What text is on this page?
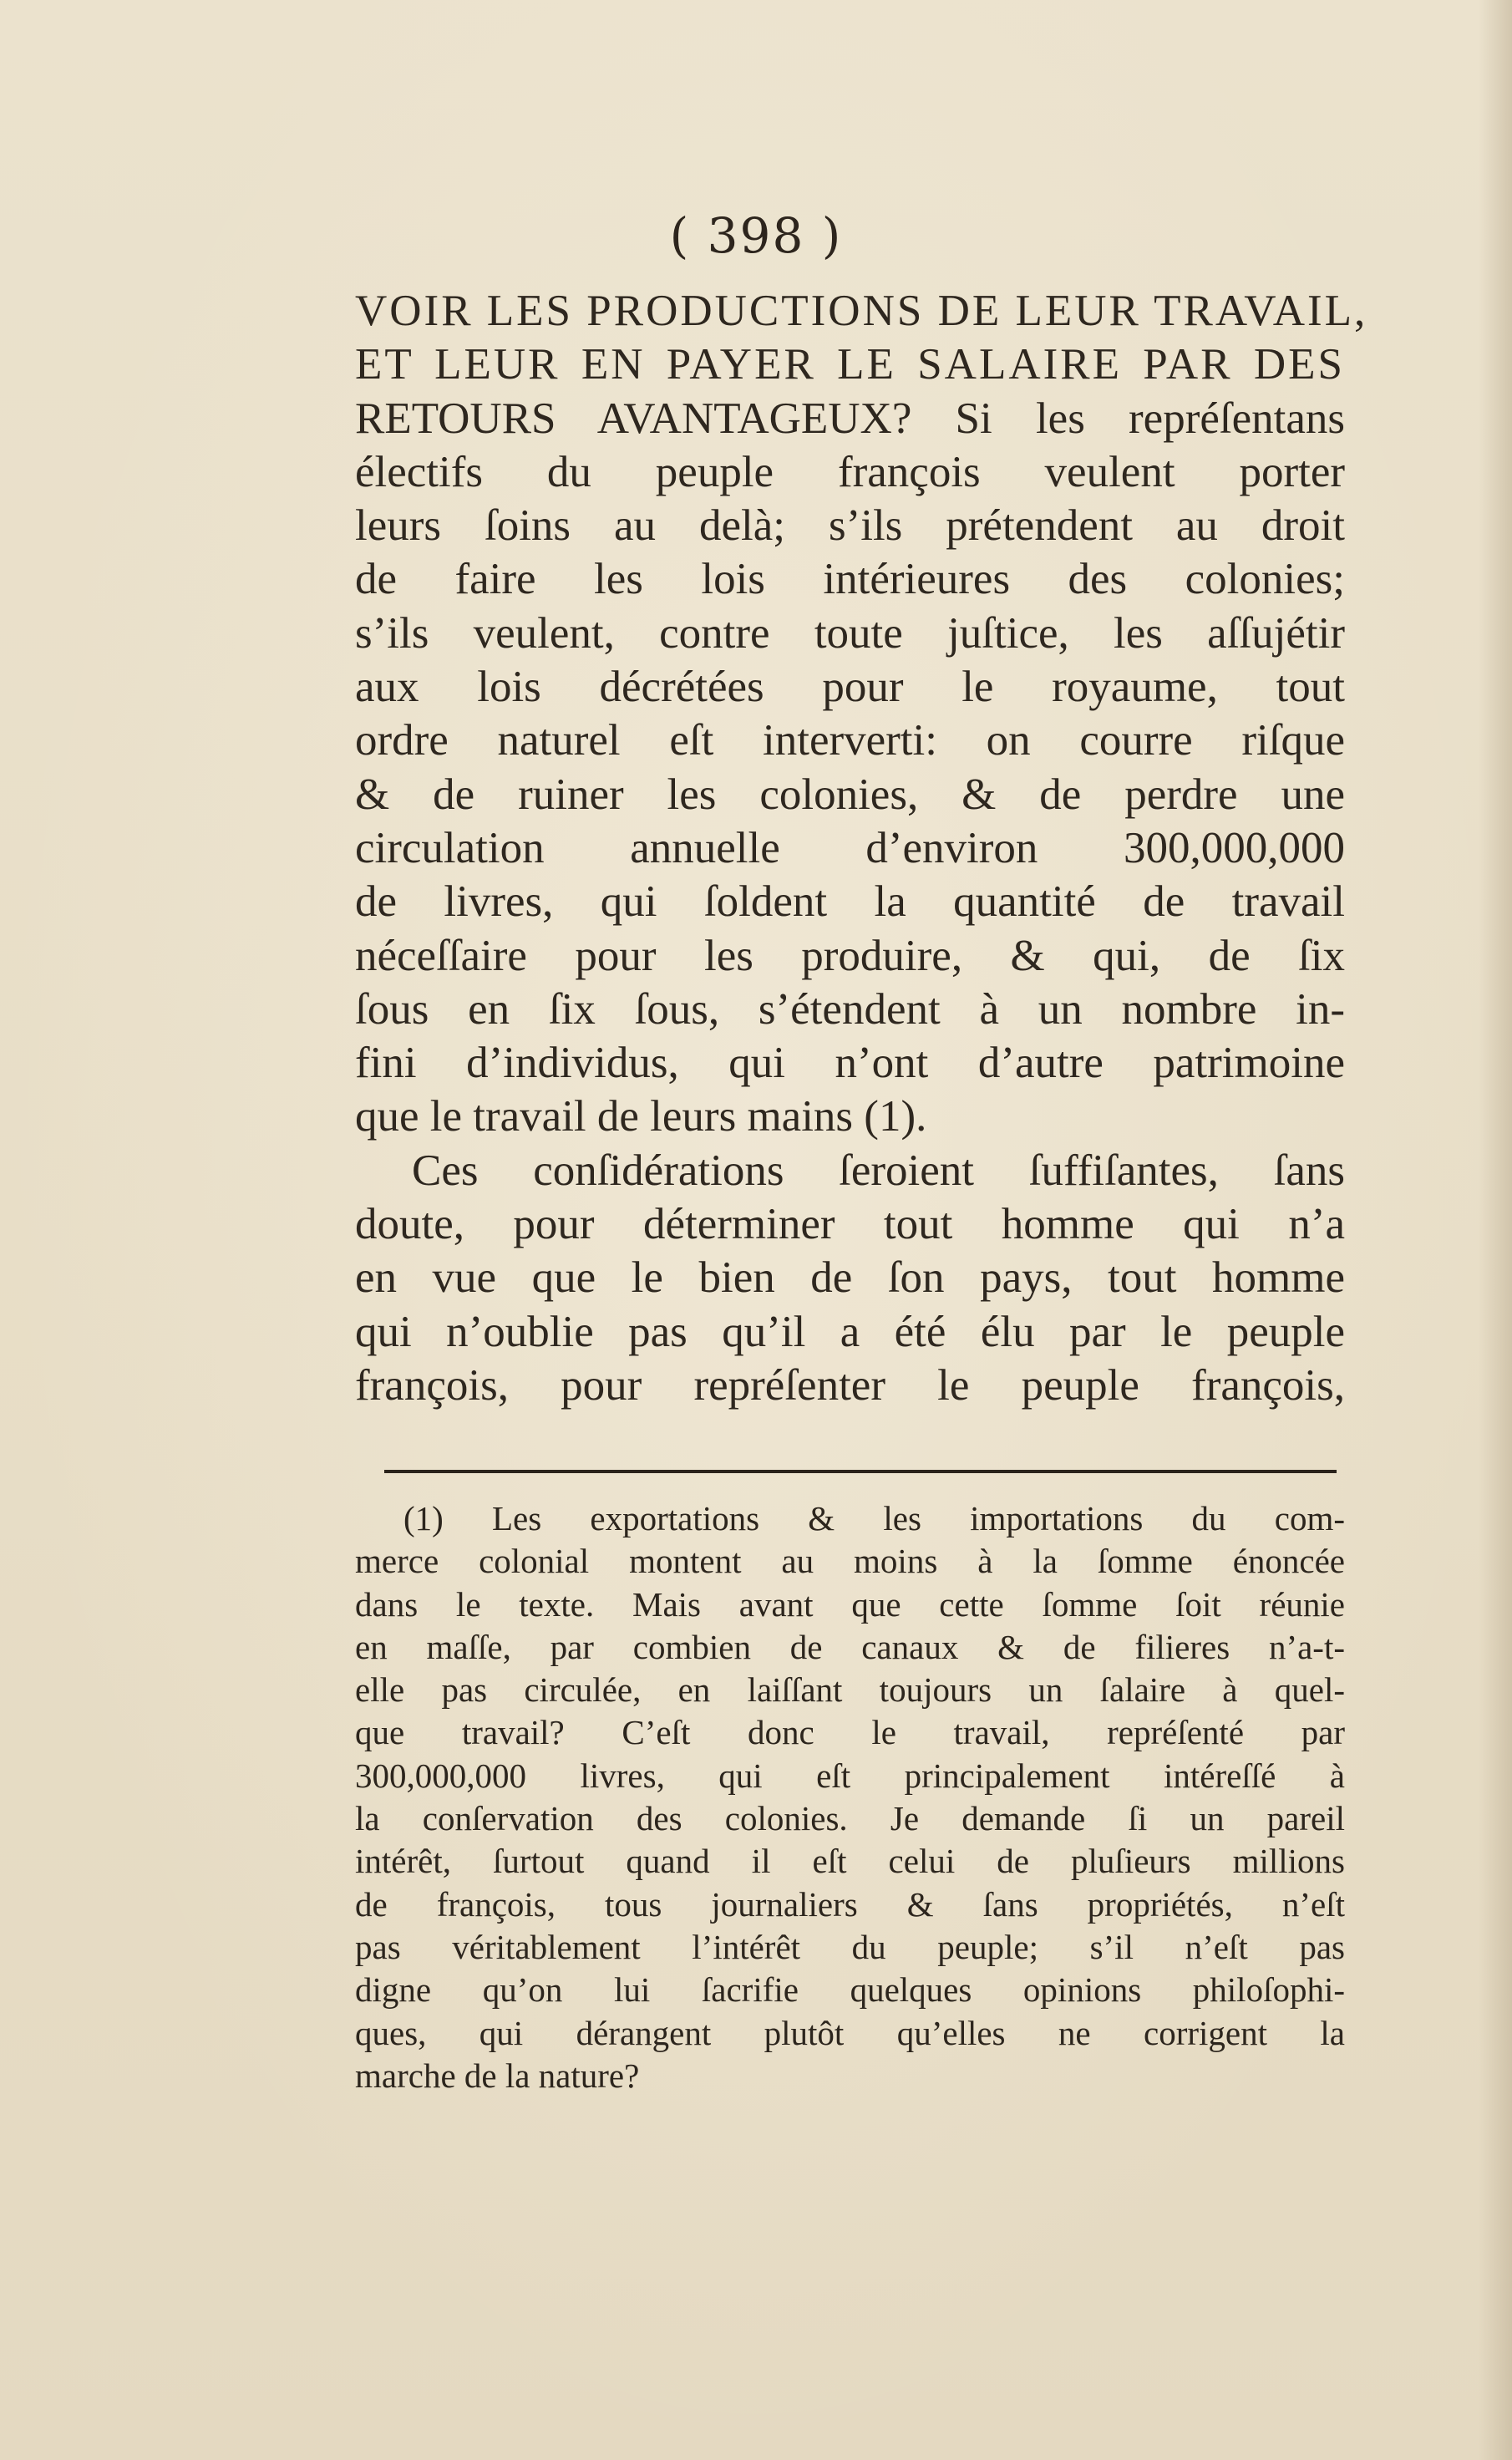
( 398 )
VOIR LES PRODUCTIONS DE LEUR TRAVAIL,
ET LEUR EN PAYER LE SALAIRE PAR DES
RETOURS AVANTAGEUX? Si les repréſentans
électifs du peuple françois veulent porter
leurs ſoins au delà; s’ils prétendent au droit
de faire les lois intérieures des colonies;
s’ils veulent, contre toute juſtice, les aſſujétir
aux lois décrétées pour le royaume, tout
ordre naturel eſt interverti: on courre riſque
& de ruiner les colonies, & de perdre une
circulation annuelle d’environ 300,000,000
de livres, qui ſoldent la quantité de travail
néceſſaire pour les produire, & qui, de ſix
ſous en ſix ſous, s’étendent à un nombre in-
fini d’individus, qui n’ont d’autre patrimoine
que le travail de leurs mains (1).
Ces conſidérations ſeroient ſuffiſantes, ſans
doute, pour déterminer tout homme qui n’a
en vue que le bien de ſon pays, tout homme
qui n’oublie pas qu’il a été élu par le peuple
françois, pour repréſenter le peuple françois,
(1) Les exportations & les importations du com-
merce colonial montent au moins à la ſomme énoncée
dans le texte. Mais avant que cette ſomme ſoit réunie
en maſſe, par combien de canaux & de filieres n’a-t-
elle pas circulée, en laiſſant toujours un ſalaire à quel-
que travail? C’eſt donc le travail, repréſenté par
300,000,000 livres, qui eſt principalement intéreſſé à
la conſervation des colonies. Je demande ſi un pareil
intérêt, ſurtout quand il eſt celui de pluſieurs millions
de françois, tous journaliers & ſans propriétés, n’eſt
pas véritablement l’intérêt du peuple; s’il n’eſt pas
digne qu’on lui ſacrifie quelques opinions philoſophi-
ques, qui dérangent plutôt qu’elles ne corrigent la
marche de la nature?
